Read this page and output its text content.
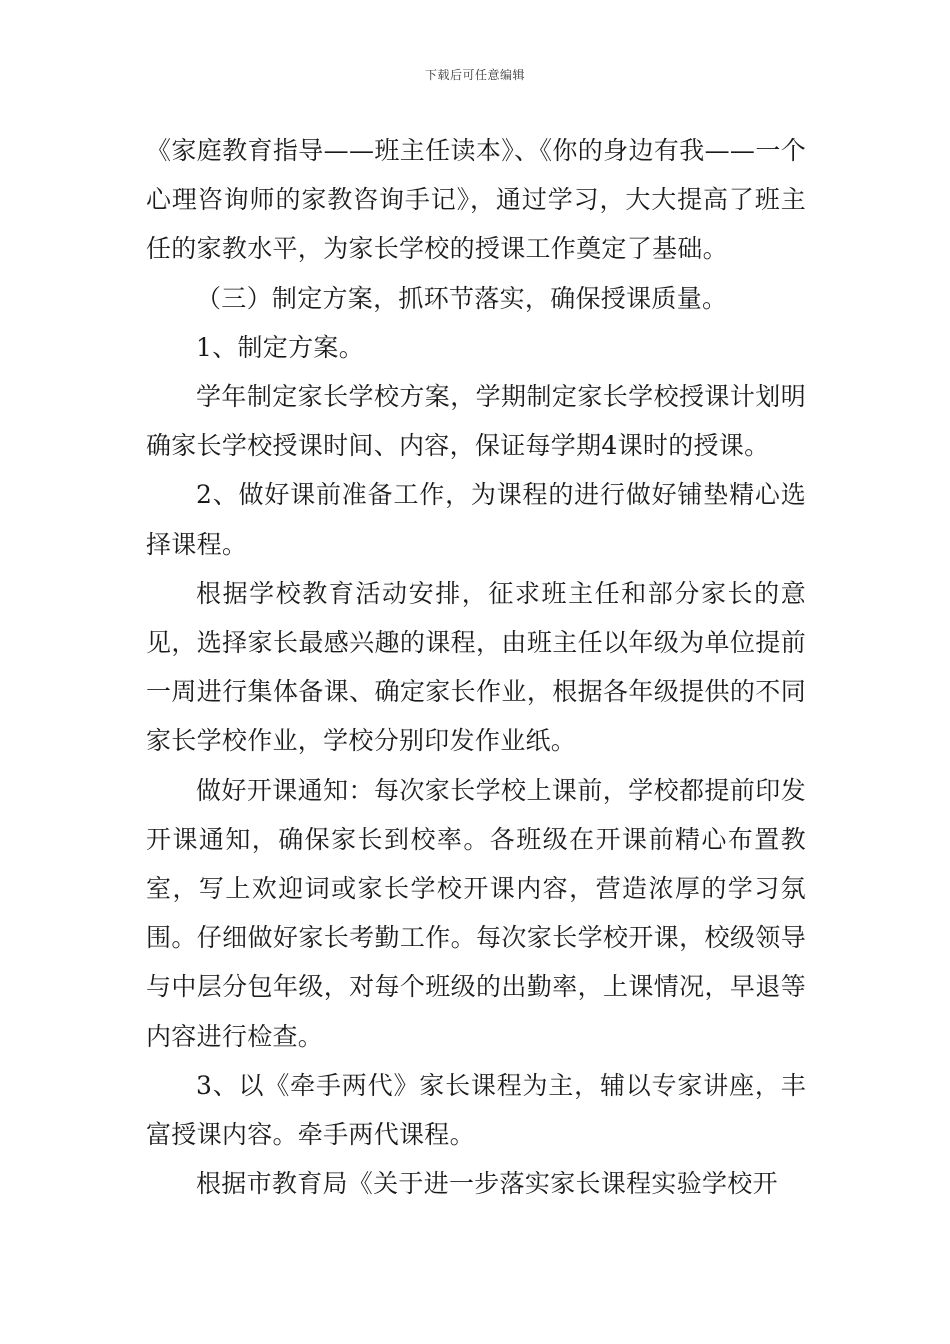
下载后可任意编辑

《家庭教育指导——班主任读本》、《你的身边有我——一个心理咨询师的家教咨询手记》，通过学习，大大提高了班主任的家教水平，为家长学校的授课工作奠定了基础。

（三）制定方案，抓环节落实，确保授课质量。

1、制定方案。

学年制定家长学校方案，学期制定家长学校授课计划明确家长学校授课时间、内容，保证每学期4课时的授课。

2、做好课前准备工作，为课程的进行做好铺垫精心选择课程。

根据学校教育活动安排，征求班主任和部分家长的意见，选择家长最感兴趣的课程，由班主任以年级为单位提前一周进行集体备课、确定家长作业，根据各年级提供的不同家长学校作业，学校分别印发作业纸。

做好开课通知：每次家长学校上课前，学校都提前印发开课通知，确保家长到校率。各班级在开课前精心布置教室，写上欢迎词或家长学校开课内容，营造浓厚的学习氛围。仔细做好家长考勤工作。每次家长学校开课，校级领导与中层分包年级，对每个班级的出勤率，上课情况，早退等内容进行检查。

3、以《牵手两代》家长课程为主，辅以专家讲座，丰富授课内容。牵手两代课程。

根据市教育局《关于进一步落实家长课程实验学校开
